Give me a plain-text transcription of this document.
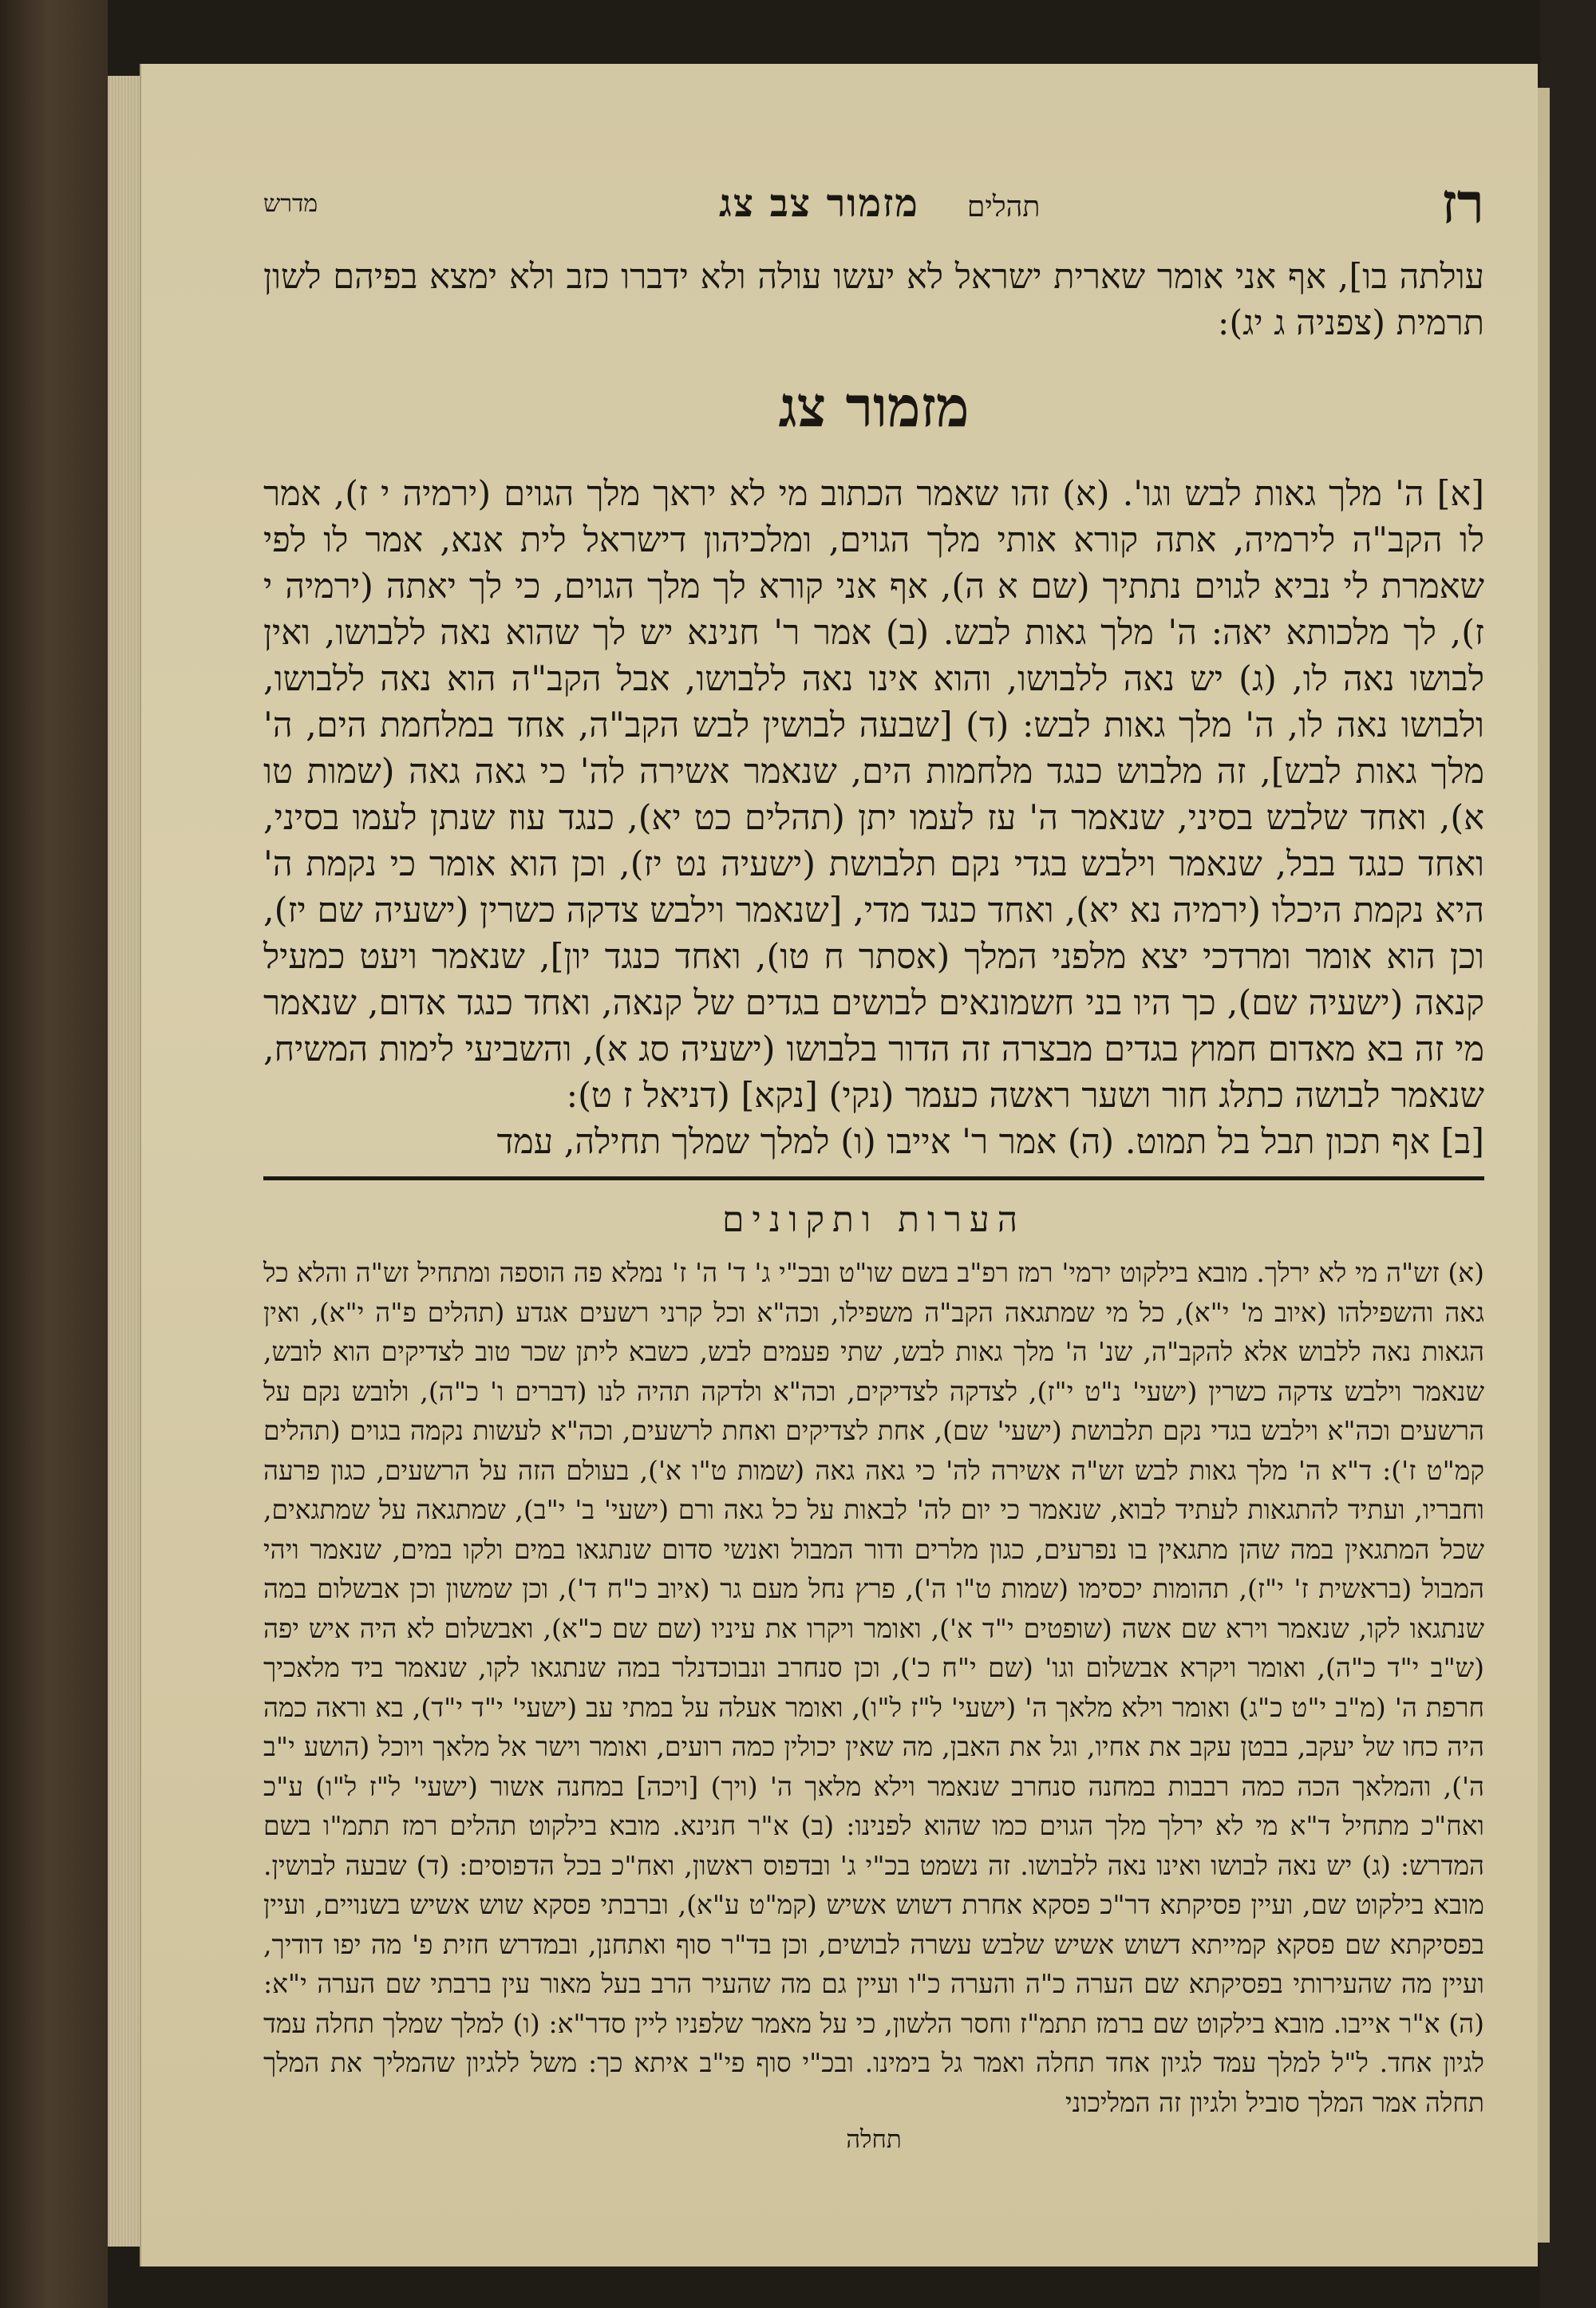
רז
תהלים
מזמור צב צג
מדרש

עולתה בו], אף אני אומר שארית ישראל לא יעשו עולה ולא ידברו כזב ולא ימצא בפיהם לשון תרמית (צפניה ג יג):

מזמור צג

[א] ה' מלך גאות לבש וגו'. (א) זהו שאמר הכתוב מי לא יראך מלך הגוים (ירמיה י ז), אמר לו הקב"ה לירמיה, אתה קורא אותי מלך הגוים, ומלכיהון דישראל לית אנא, אמר לו לפי שאמרת לי נביא לגוים נתתיך (שם א ה), אף אני קורא לך מלך הגוים, כי לך יאתה (ירמיה י ז), לך מלכותא יאה: ה' מלך גאות לבש. (ב) אמר ר' חנינא יש לך שהוא נאה ללבושו, ואין לבושו נאה לו, (ג) יש נאה ללבושו, והוא אינו נאה ללבושו, אבל הקב"ה הוא נאה ללבושו, ולבושו נאה לו, ה' מלך גאות לבש: (ד) [שבעה לבושין לבש הקב"ה, אחד במלחמת הים, ה' מלך גאות לבש], זה מלבוש כנגד מלחמות הים, שנאמר אשירה לה' כי גאה גאה (שמות טו א), ואחד שלבש בסיני, שנאמר ה' עז לעמו יתן (תהלים כט יא), כנגד עוז שנתן לעמו בסיני, ואחד כנגד בבל, שנאמר וילבש בגדי נקם תלבושת (ישעיה נט יז), וכן הוא אומר כי נקמת ה' היא נקמת היכלו (ירמיה נא יא), ואחד כנגד מדי, [שנאמר וילבש צדקה כשרין (ישעיה שם יז), וכן הוא אומר ומרדכי יצא מלפני המלך (אסתר ח טו), ואחד כנגד יון], שנאמר ויעט כמעיל קנאה (ישעיה שם), כך היו בני חשמונאים לבושים בגדים של קנאה, ואחד כנגד אדום, שנאמר מי זה בא מאדום חמוץ בגדים מבצרה זה הדור בלבושו (ישעיה סג א), והשביעי לימות המשיח, שנאמר לבושה כתלג חור ושער ראשה כעמר (נקי) [נקא] (דניאל ז ט):

[ב] אף תכון תבל בל תמוט. (ה) אמר ר' אייבו (ו) למלך שמלך תחילה, עמד

הערות ותקונים

(א) זש"ה מי לא ירלך. מובא בילקוט ירמי' רמז רפ"ב בשם שו"ט ובכ"י ג' ד' ה' ז' נמלא פה הוספה ומתחיל זש"ה והלא כל גאה והשפילהו (איוב מ' י"א), כל מי שמתגאה הקב"ה משפילו, וכה"א וכל קרני רשעים אגדע (תהלים פ"ה י"א), ואין הגאות נאה ללבוש אלא להקב"ה, שנ' ה' מלך גאות לבש, שתי פעמים לבש, כשבא ליתן שכר טוב לצדיקים הוא לובש, שנאמר וילבש צדקה כשרין (ישעי' נ"ט י"ז), לצדקה לצדיקים, וכה"א ולדקה תהיה לנו (דברים ו' כ"ה), ולובש נקם על הרשעים וכה"א וילבש בגדי נקם תלבושת (ישעי' שם), אחת לצדיקים ואחת לרשעים, וכה"א לעשות נקמה בגוים (תהלים קמ"ט ז'): ד"א ה' מלך גאות לבש זש"ה אשירה לה' כי גאה גאה (שמות ט"ו א'), בעולם הזה על הרשעים, כגון פרעה וחבריו, ועתיד להתגאות לעתיד לבוא, שנאמר כי יום לה' לבאות על כל גאה ורם (ישעי' ב' י"ב), שמתגאה על שמתגאים, שכל המתגאין במה שהן מתגאין בו נפרעים, כגון מלרים ודור המבול ואנשי סדום שנתגאו במים ולקו במים, שנאמר ויהי המבול (בראשית ז' י"ז), תהומות יכסימו (שמות ט"ו ה'), פרץ נחל מעם גר (איוב כ"ח ד'), וכן שמשון וכן אבשלום במה שנתגאו לקו, שנאמר וירא שם אשה (שופטים י"ד א'), ואומר ויקרו את עיניו (שם שם כ"א), ואבשלום לא היה איש יפה (ש"ב י"ד כ"ה), ואומר ויקרא אבשלום וגו' (שם י"ח כ'), וכן סנחרב ונבוכדנלר במה שנתגאו לקו, שנאמר ביד מלאכיך חרפת ה' (מ"ב י"ט כ"ג) ואומר וילא מלאך ה' (ישעי' ל"ז ל"ו), ואומר אעלה על במתי עב (ישעי' י"ד י"ד), בא וראה כמה היה כחו של יעקב, בבטן עקב את אחיו, וגל את האבן, מה שאין יכולין כמה רועים, ואומר וישר אל מלאך ויוכל (הושע י"ב ה'), והמלאך הכה כמה רבבות במחנה סנחרב שנאמר וילא מלאך ה' (ויך) [ויכה] במחנה אשור (ישעי' ל"ז ל"ו) ע"כ ואח"כ מתחיל ד"א מי לא ירלך מלך הגוים כמו שהוא לפנינו: (ב) א"ר חנינא. מובא בילקוט תהלים רמז תתמ"ו בשם המדרש: (ג) יש נאה לבושו ואינו נאה ללבושו. זה נשמט בכ"י ג' ובדפוס ראשון, ואח"כ בכל הדפוסים: (ד) שבעה לבושין. מובא בילקוט שם, ועיין פסיקתא דר"כ פסקא אחרת דשוש אשיש (קמ"ט ע"א), וברבתי פסקא שוש אשיש בשנויים, ועיין בפסיקתא שם פסקא קמייתא דשוש אשיש שלבש עשרה לבושים, וכן בד"ר סוף ואתחנן, ובמדרש חזית פ' מה יפו דודיך, ועיין מה שהעירותי בפסיקתא שם הערה כ"ה והערה כ"ו ועיין גם מה שהעיר הרב בעל מאור עין ברבתי שם הערה י"א: (ה) א"ר אייבו. מובא בילקוט שם ברמז תתמ"ז וחסר הלשון, כי על מאמר שלפניו ליין סדר"א: (ו) למלך שמלך תחלה עמד לגיון אחד. ל"ל למלך עמד לגיון אחד תחלה ואמר גל בימינו. ובכ"י סוף פי"ב איתא כך: משל ללגיון שהמליך את המלך תחלה אמר המלך סוביל ולגיון זה המליכוני

תחלה
